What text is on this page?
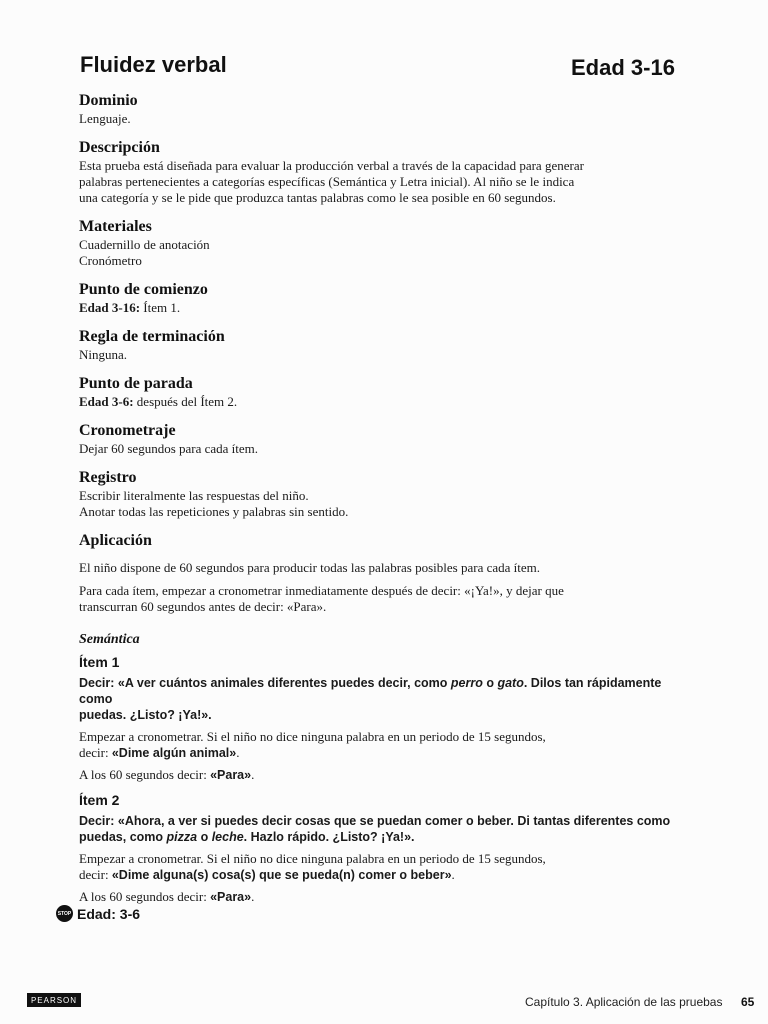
Fluidez verbal	Edad 3-16

Dominio

Lenguaje.

Descripción

Esta prueba está diseñada para evaluar la producción verbal a través de la capacidad para generar

palabras pertenecientes a categorías específicas (Semántica y Letra inicial). Al niño se le indica

una categoría y se le pide que produzca tantas palabras como le sea posible en 60 segundos.

Materiales

Cuadernillo de anotación

Cronómetro

Punto de comienzo

Edad 3-16: Ítem 1.

Regla de terminación

Ninguna.

Punto de parada

Edad 3-6: después del Ítem 2.

Cronometraje

Dejar 60 segundos para cada ítem.

Registro

Escribir literalmente las respuestas del niño.

Anotar todas las repeticiones y palabras sin sentido.

Aplicación

El niño dispone de 60 segundos para producir todas las palabras posibles para cada ítem.

Para cada ítem, empezar a cronometrar inmediatamente después de decir: «¡Ya!», y dejar que

transcurran 60 segundos antes de decir: «Para».

Semántica

Ítem 1

Decir: «A ver cuántos animales diferentes puedes decir, como perro o gato. Dilos tan rápidamente como

puedas. ¿Listo? ¡Ya!».

Empezar a cronometrar. Si el niño no dice ninguna palabra en un periodo de 15 segundos,

decir: «Dime algún animal».

A los 60 segundos decir: «Para».

Ítem 2

Decir: «Ahora, a ver si puedes decir cosas que se puedan comer o beber. Di tantas diferentes como

puedas, como pizza o leche. Hazlo rápido. ¿Listo? ¡Ya!».

Empezar a cronometrar. Si el niño no dice ninguna palabra en un periodo de 15 segundos,

decir: «Dime alguna(s) cosa(s) que se pueda(n) comer o beber».

A los 60 segundos decir: «Para».

STOP Edad: 3-6
PEARSON	Capítulo 3. Aplicación de las pruebas 65
